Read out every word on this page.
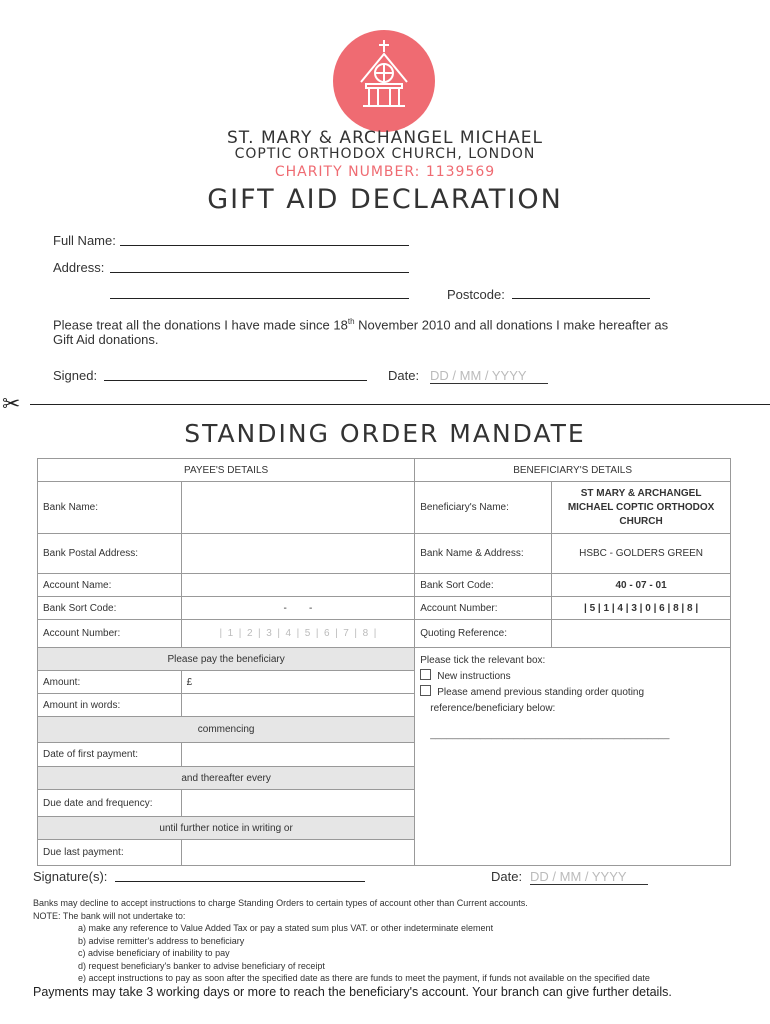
ST. MARY & ARCHANGEL MICHAEL
COPTIC ORTHODOX CHURCH, LONDON
CHARITY NUMBER: 1139569
GIFT AID DECLARATION
Full Name:
Address:
Postcode:
Please treat all the donations I have made since 18th November 2010 and all donations I make hereafter as
Gift Aid donations.
Signed:	Date: DD / MM / YYYY
✂
STANDING ORDER MANDATE
PAYEE'S DETAILS		BENEFICIARY'S DETAILS	
Bank Name:		Beneficiary's Name:	ST MARY & ARCHANGEL MICHAEL COPTIC ORTHODOX CHURCH
Bank Postal Address:		Bank Name & Address:	HSBC - GOLDERS GREEN
Account Name:		Bank Sort Code:	40 - 07 - 01
Bank Sort Code:	-        -	Account Number:	| 5 | 1 | 4 | 3 | 0 | 6 | 8 | 8 |
Account Number:	|  1  |  2  |  3  |  4  |  5  |  6  |  7  |  8  |	Quoting Reference:	
Please pay the beneficiary		Please tick the relevant box:
New instructions
Please amend previous standing order quoting
reference/beneficiary below:
___________________________________________	

Amount:	£		
Amount in words:			
commencing			
Date of first payment:			
and thereafter every			
Due date and frequency:			
until further notice in writing or			
Due last payment:			
Signature(s):	Date: DD / MM / YYYY
Banks may decline to accept instructions to charge Standing Orders to certain types of account other than Current accounts.
NOTE: The bank will not undertake to:
a) make any reference to Value Added Tax or pay a stated sum plus VAT. or other indeterminate element
b) advise remitter's address to beneficiary
c) advise beneficiary of inability to pay
d) request beneficiary's banker to advise beneficiary of receipt
e) accept instructions to pay as soon after the specified date as there are funds to meet the payment, if funds not available on the specified date
Payments may take 3 working days or more to reach the beneficiary's account. Your branch can give further details.
